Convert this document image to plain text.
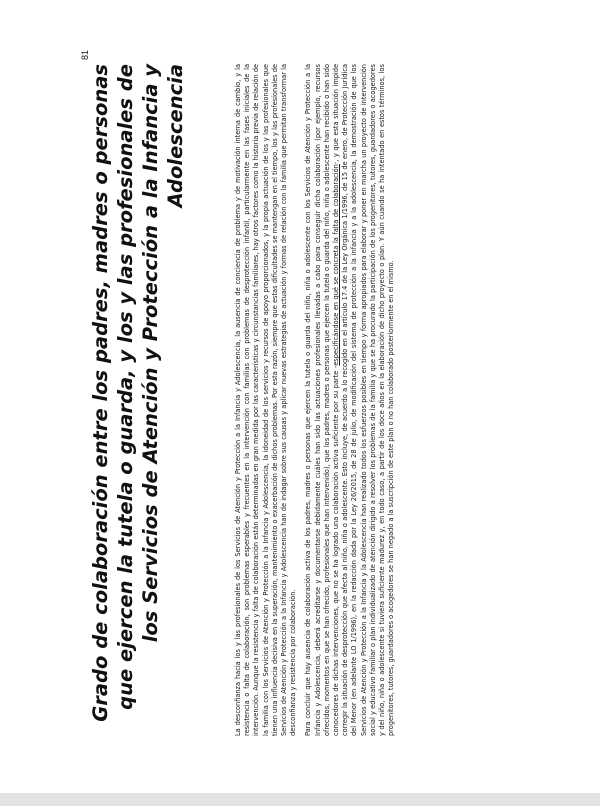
81
Grado de colaboración entre los padres, madres o personas que ejercen la tutela o guarda, y los y las profesionales de los Servicios de Atención y Protección a la Infancia y Adolescencia	La desconfianza hacia los y las profesionales de los Servicios de Atención y Protección a la Infancia y Adolescencia, la ausencia de conciencia de problema y de motivación interna de cambio, y la resistencia o falta de colaboración, son problemas esperables y frecuentes en la intervención con familias con problemas de desprotección infantil, particularmente en las fases iniciales de la intervención. Aunque la resistencia y falta de colaboración están determinadas en gran medida por las características y circunstancias familiares, hay otros factores como la historia previa de relación de la familia con los Servicios de Atención y Protección a la Infancia y Adolescencia, la idoneidad de los servicios y recursos de apoyo proporcionados, y la propia actuación de los y las profesionales que tienen una influencia decisiva en la superación, mantenimiento o exacerbación de dichos problemas. Por esta razón, siempre que estas dificultades se mantengan en el tiempo, los y las profesionales de Servicios de Atención y Protección a la Infancia y Adolescencia han de indagar sobre sus causas y aplicar nuevas estrategias de actuación y formas de relación con la familia que permitan transformar la desconfianza y resistencia por colaboración. Para concluir que hay ausencia de colaboración activa de los padres, madres o personas que ejercen la tutela o guarda del niño, niña o adolescente con los Servicios de Atención y Protección a la Infancia y Adolescencia, deberá acreditarse y documentarse debidamente cuáles han sido las actuaciones profesionales llevadas a cabo para conseguir dicha colaboración (por ejemplo, recursos ofrecidos, momentos en que se han ofrecido, profesionales que han intervenido), que los padres, madres o personas que ejercen la tutela o guarda del niño, niña o adolescente han recibido o han sido conocedores de dichas intervenciones, que no se ha logrado una colaboración activa suficiente por su parte -especificándose en qué se concreta la falta de colaboración-, y que esta situación impide corregir la situación de desprotección que afecta al niño, niña o adolescente. Esto incluye, de acuerdo a lo recogido en el artículo 17.4 de la Ley Orgánica 1/1996, de 15 de enero, de Protección Jurídica del Menor (en adelante LO 1/1996), en la redacción dada por la Ley 26/2015, de 28 de julio, de modificación del sistema de protección a la infancia y a la adolescencia, la demostración de que los Servicios de Atención y Protección a la Infancia y la Adolescencia han realizado todos los esfuerzos posibles en tiempo y forma apropiados para elaborar y poner en marcha un proyecto de intervención social y educativo familiar o plan individualizado de atención dirigido a resolver los problemas de la familia y que se ha procurado la participación de los progenitores, tutores, guardadores o acogedores y del niño, niña o adolescente si tuviera suficiente madurez y, en todo caso, a partir de los doce años en la elaboración de dicho proyecto o plan. Y aún cuando se ha intentado en estos términos, los progenitores, tutores, guardadores o acogedores se han negado a la suscripción de este plan o no han colaborado posteriormente en el mismo.
